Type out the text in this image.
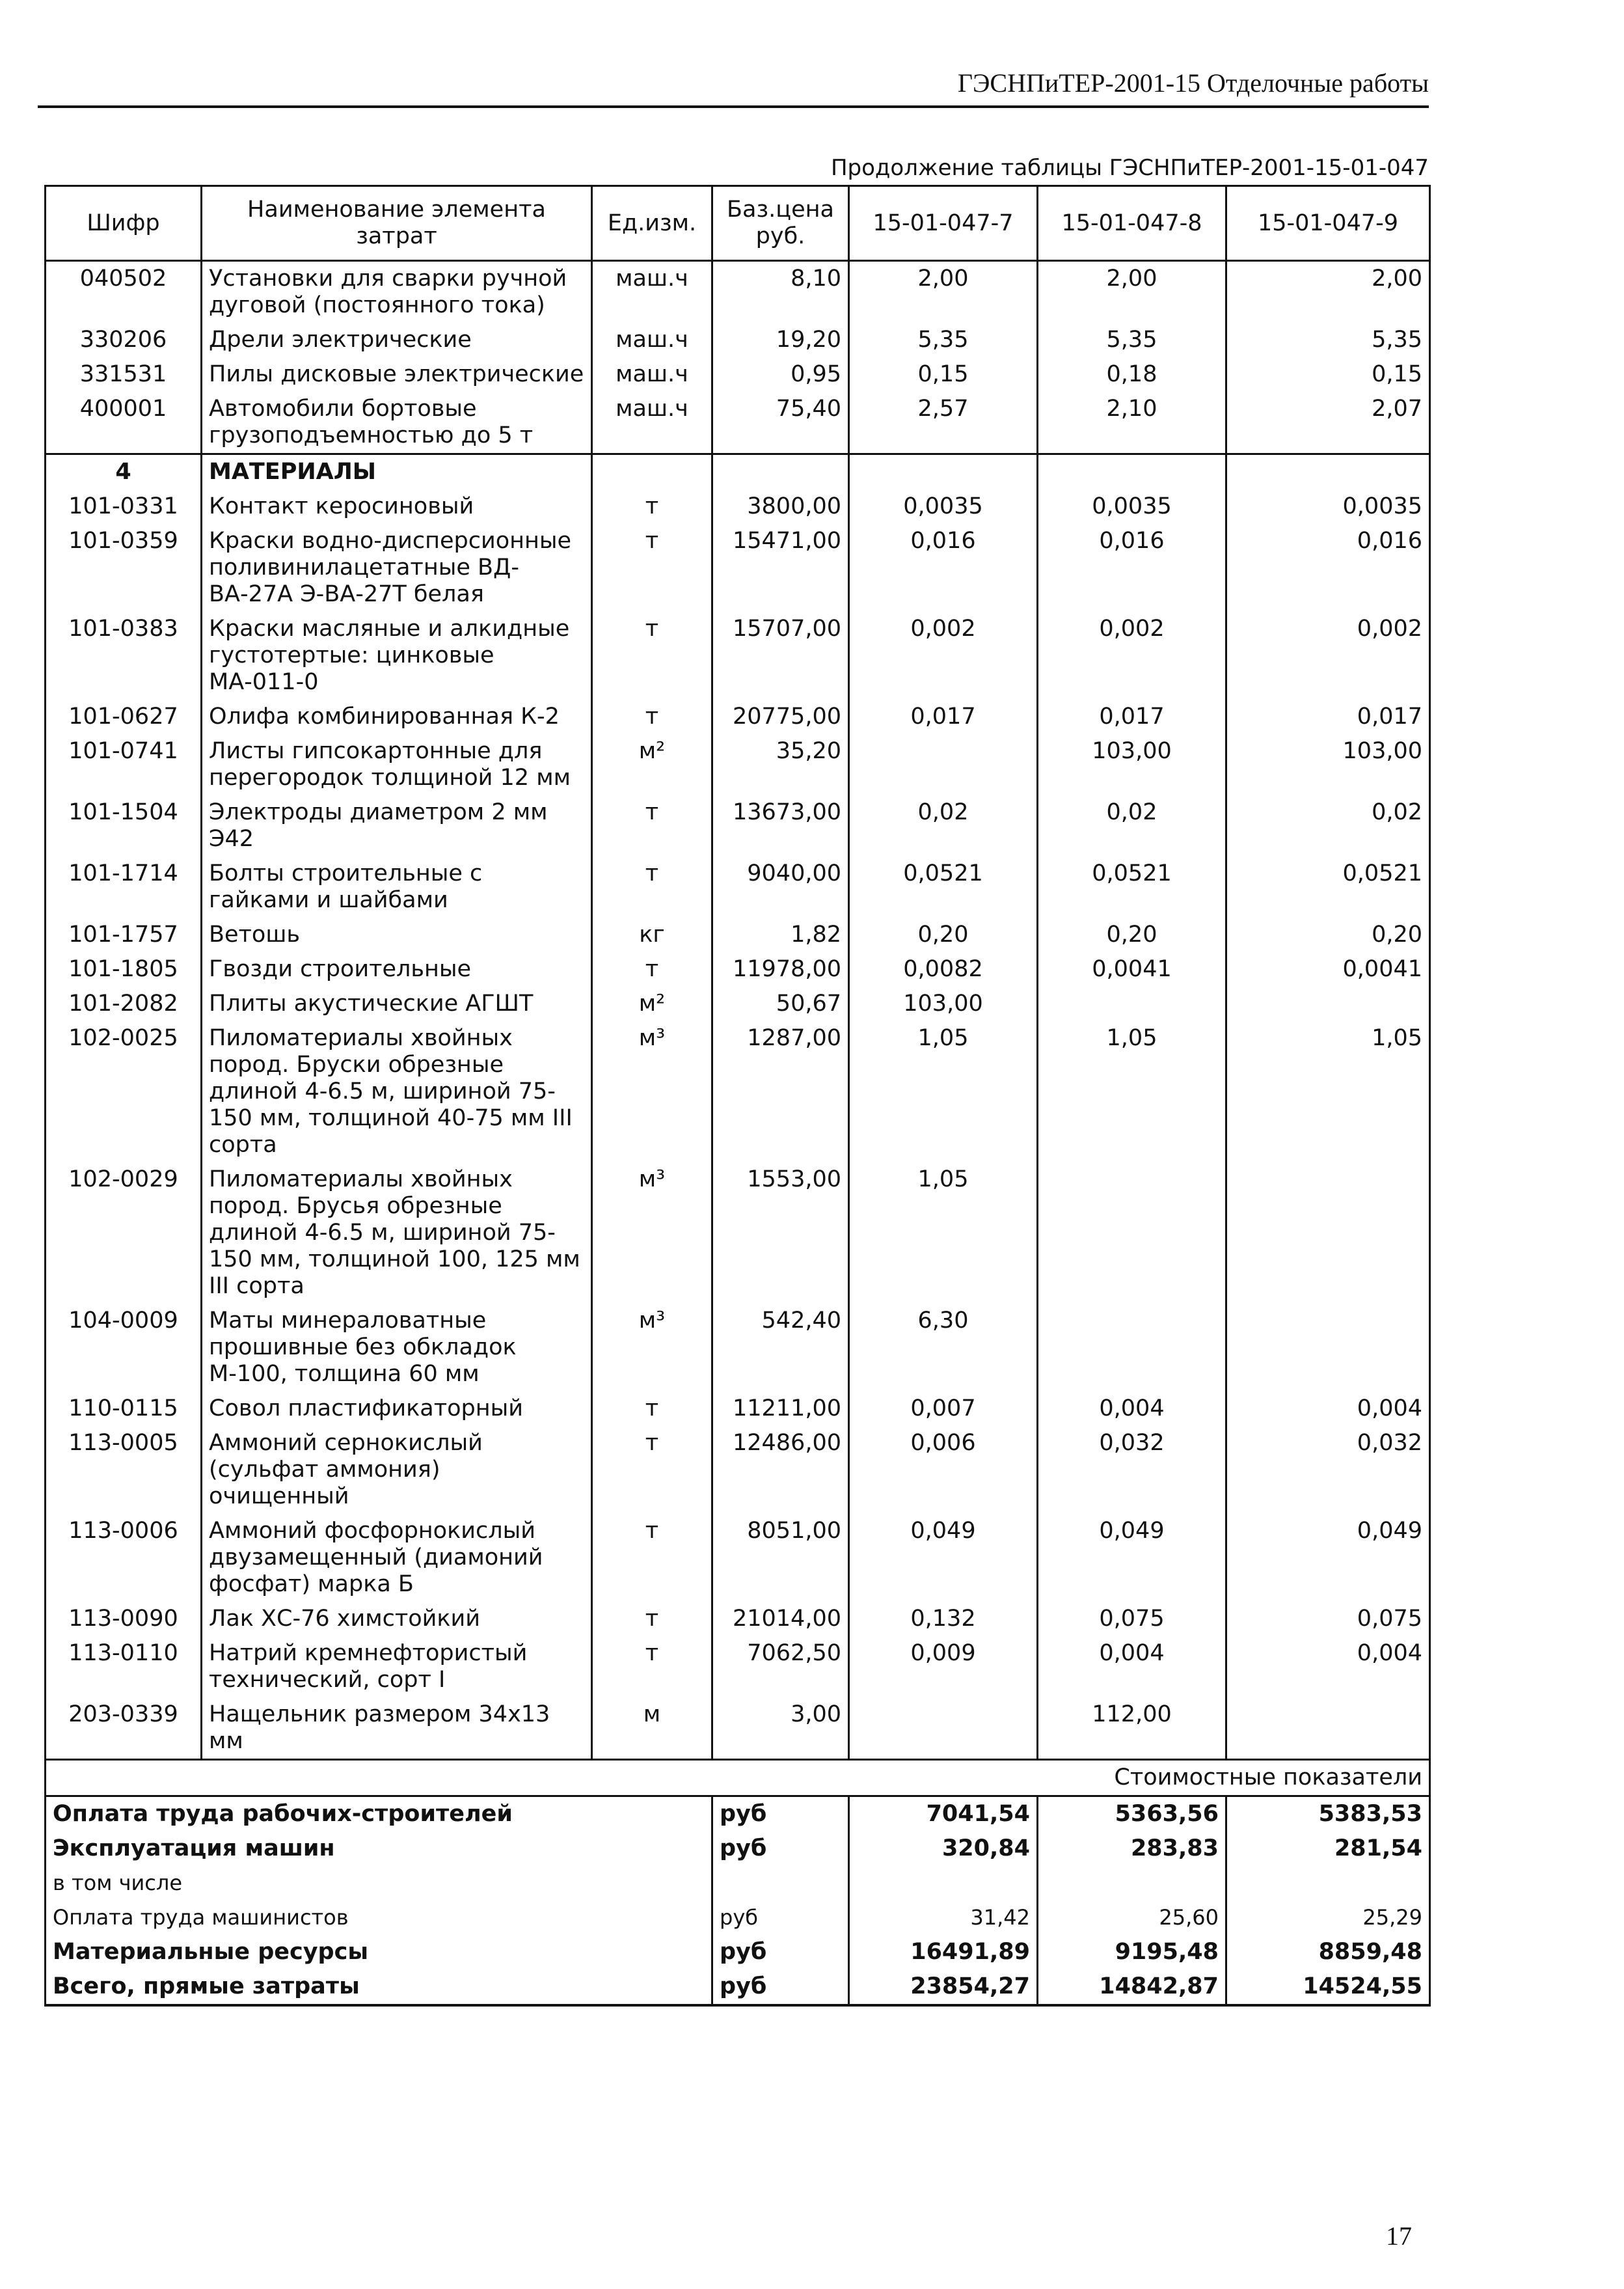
ГЭСНПиТЕР-2001-15 Отделочные работы
Продолжение таблицы ГЭСНПиТЕР-2001-15-01-047
Шифр	Наименование элемента затрат	Ед.изм.	Баз.цена руб.	15-01-047-7	15-01-047-8	15-01-047-9
040502	Установки для сварки ручной дуговой (постоянного тока)	маш.ч	8,10	2,00	2,00	2,00
330206	Дрели электрические	маш.ч	19,20	5,35	5,35	5,35
331531	Пилы дисковые электрические	маш.ч	0,95	0,15	0,18	0,15
400001	Автомобили бортовые грузоподъемностью до 5 т	маш.ч	75,40	2,57	2,10	2,07
4	МАТЕРИАЛЫ					
101-0331	Контакт керосиновый	т	3800,00	0,0035	0,0035	0,0035
101-0359	Краски водно-дисперсионные поливинилацетатные ВД-ВА-27А Э-ВА-27Т белая	т	15471,00	0,016	0,016	0,016
101-0383	Краски масляные и алкидные густотертые: цинковые МА-011-0	т	15707,00	0,002	0,002	0,002
101-0627	Олифа комбинированная К-2	т	20775,00	0,017	0,017	0,017
101-0741	Листы гипсокартонные для перегородок толщиной 12 мм	м²	35,20		103,00	103,00
101-1504	Электроды диаметром 2 мм Э42	т	13673,00	0,02	0,02	0,02
101-1714	Болты строительные с гайками и шайбами	т	9040,00	0,0521	0,0521	0,0521
101-1757	Ветошь	кг	1,82	0,20	0,20	0,20
101-1805	Гвозди строительные	т	11978,00	0,0082	0,0041	0,0041
101-2082	Плиты акустические АГШТ	м²	50,67	103,00		
102-0025	Пиломатериалы хвойных пород. Бруски обрезные длиной 4-6.5 м, шириной 75-150 мм, толщиной 40-75 мм III сорта	м³	1287,00	1,05	1,05	1,05
102-0029	Пиломатериалы хвойных пород. Брусья обрезные длиной 4-6.5 м, шириной 75-150 мм, толщиной 100, 125 мм III сорта	м³	1553,00	1,05		
104-0009	Маты минераловатные прошивные без обкладок М-100, толщина 60 мм	м³	542,40	6,30		
110-0115	Совол пластификаторный	т	11211,00	0,007	0,004	0,004
113-0005	Аммоний сернокислый (сульфат аммония) очищенный	т	12486,00	0,006	0,032	0,032
113-0006	Аммоний фосфорнокислый двузамещенный (диамоний фосфат) марка Б	т	8051,00	0,049	0,049	0,049
113-0090	Лак ХС-76 химстойкий	т	21014,00	0,132	0,075	0,075
113-0110	Натрий кремнефтористый технический, сорт I	т	7062,50	0,009	0,004	0,004
203-0339	Нащельник размером 34х13 мм	м	3,00		112,00	
Стоимостные показатели						
Оплата труда рабочих-строителей			руб	7041,54	5363,56	5383,53
Эксплуатация машин			руб	320,84	283,83	281,54
в том числе						
Оплата труда машинистов			руб	31,42	25,60	25,29
Материальные ресурсы			руб	16491,89	9195,48	8859,48
Всего, прямые затраты			руб	23854,27	14842,87	14524,55
17
